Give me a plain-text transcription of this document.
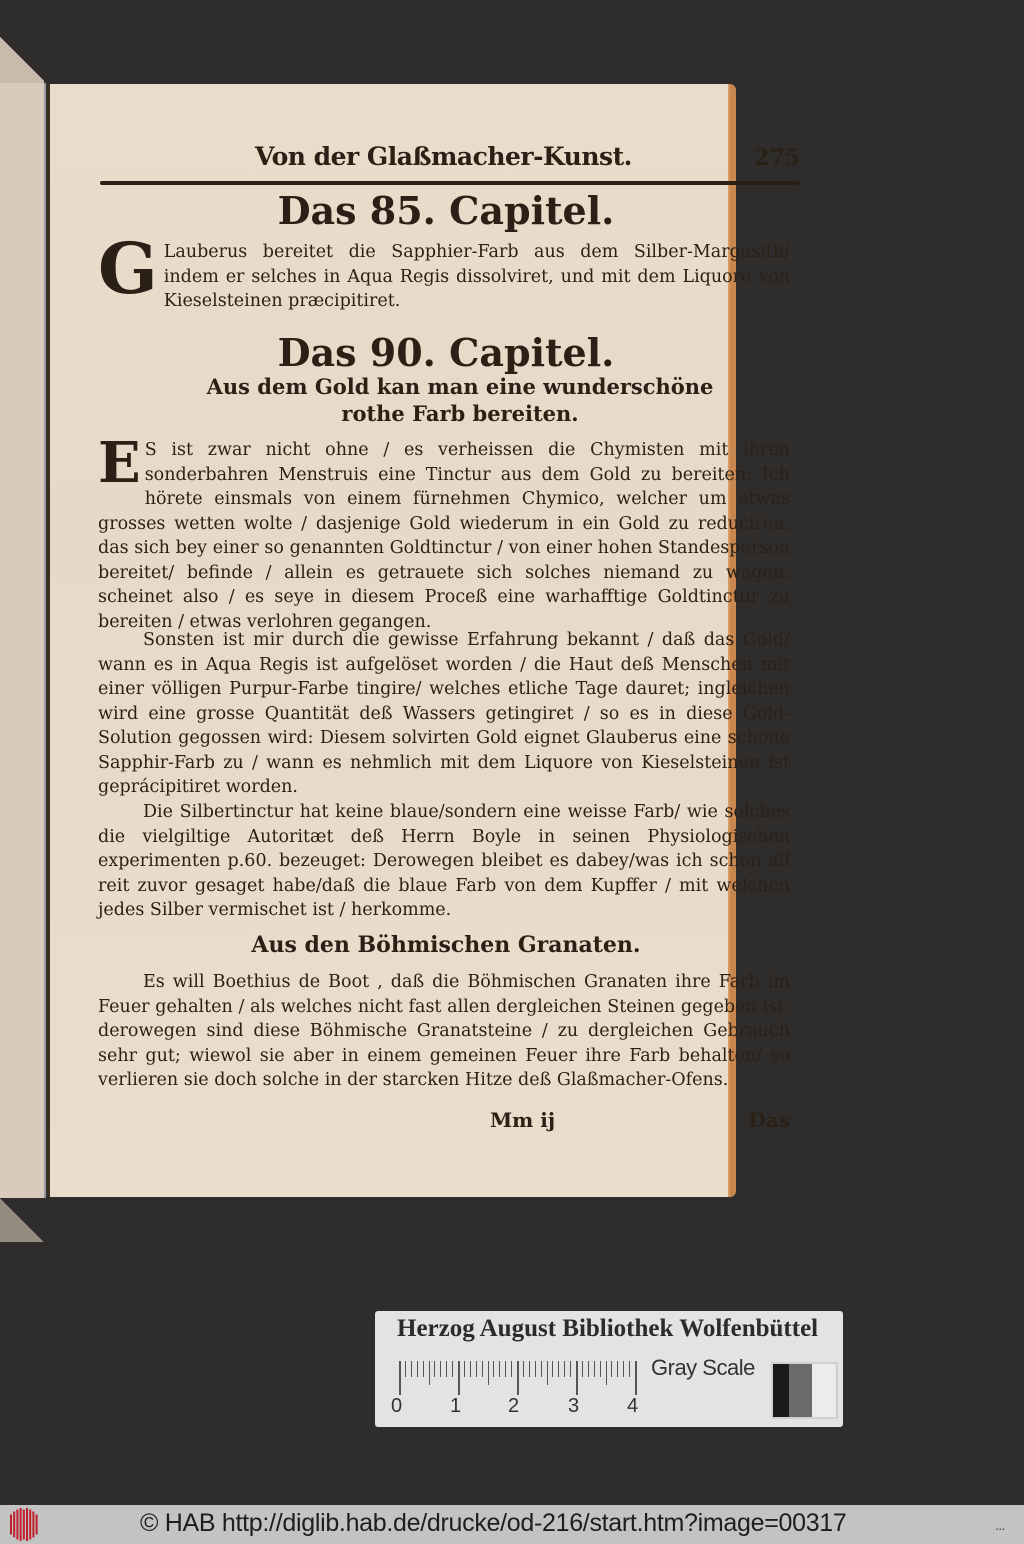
Von der Glaßmacher-Kunst.	275
Das 85. Capitel.
G Lauberus bereitet die Sapphier-Farb aus dem Silber-Margasith/ indem er selches in Aqua Regis dissolviret, und mit dem Liquore von Kieselsteinen præcipitiret.
Das 90. Capitel.
Aus dem Gold kan man eine wunderschöne rothe Farb bereiten.
E S ist zwar nicht ohne / es verheissen die Chymisten mit ihren sonderbahren Menstruis eine Tinctur aus dem Gold zu bereiten: Ich hörete einsmals von einem fürnehmen Chymico, welcher um etwas grosses wetten wolte / dasjenige Gold wiederum in ein Gold zu reduciren, das sich bey einer so genannten Goldtinctur / von einer hohen Standesperson bereitet/ befinde / allein es getrauete sich solches niemand zu wagen; scheinet also / es seye in diesem Proceß eine warhafftige Goldtinctur zu bereiten / etwas verlohren gegangen.
Sonsten ist mir durch die gewisse Erfahrung bekannt / daß das Gold/ wann es in Aqua Regis ist aufgelöset worden / die Haut deß Menschen mit einer völligen Purpur-Farbe tingire/ welches etliche Tage dauret; ingleichen wird eine grosse Quantität deß Wassers getingiret / so es in diese Gold-Solution gegossen wird: Diesem solvirten Gold eignet Glauberus eine schöne Sapphir-Farb zu / wann es nehmlich mit dem Liquore von Kieselsteinen ist geprácipitiret worden.
Die Silbertinctur hat keine blaue/sondern eine weisse Farb/ wie solches die vielgiltige Autoritæt deß Herrn Boyle in seinen Physiologischen experimenten p.60. bezeuget: Derowegen bleibet es dabey/was ich schon all reit zuvor gesaget habe/daß die blaue Farb von dem Kupffer / mit welchen jedes Silber vermischet ist / herkomme.
Aus den Böhmischen Granaten.
Es will Boethius de Boot , daß die Böhmischen Granaten ihre Farb im Feuer gehalten / als welches nicht fast allen dergleichen Steinen gegeben ist; derowegen sind diese Böhmische Granatsteine / zu dergleichen Gebrauch sehr gut; wiewol sie aber in einem gemeinen Feuer ihre Farb behalten/ so verlieren sie doch solche in der starcken Hitze deß Glaßmacher-Ofens.
Mm ij	Das
Herzog August Bibliothek Wolfenbüttel
0 1 2 3 4
Gray Scale
© HAB http://diglib.hab.de/drucke/od-216/start.htm?image=00317	▪▪▪
